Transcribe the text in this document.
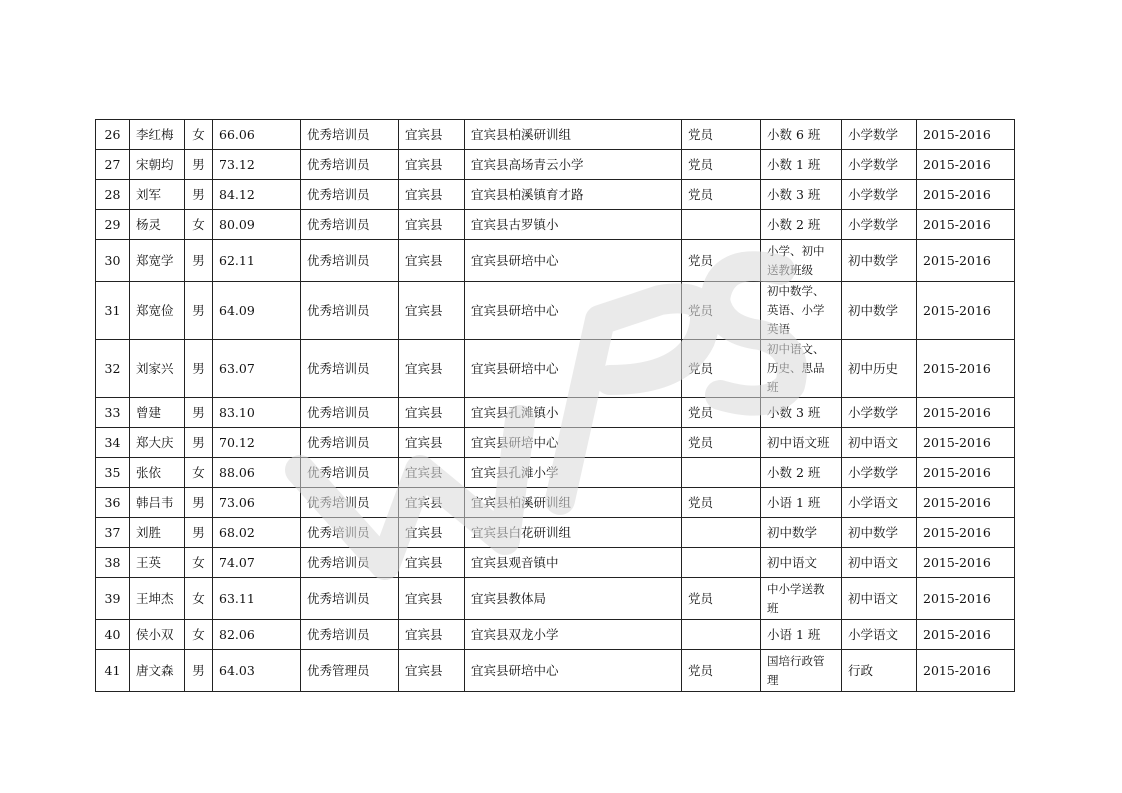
26	李红梅	女	66.06	优秀培训员	宜宾县	宜宾县柏溪研训组	党员	小数 6 班	小学数学	2015-2016
27	宋朝均	男	73.12	优秀培训员	宜宾县	宜宾县高场青云小学	党员	小数 1 班	小学数学	2015-2016
28	刘军	男	84.12	优秀培训员	宜宾县	宜宾县柏溪镇育才路	党员	小数 3 班	小学数学	2015-2016
29	杨灵	女	80.09	优秀培训员	宜宾县	宜宾县古罗镇小		小数 2 班	小学数学	2015-2016
30	郑宽学	男	62.11	优秀培训员	宜宾县	宜宾县研培中心	党员	小学、初中送教班级	初中数学	2015-2016
31	郑宽俭	男	64.09	优秀培训员	宜宾县	宜宾县研培中心	党员	初中数学、英语、小学英语	初中数学	2015-2016
32	刘家兴	男	63.07	优秀培训员	宜宾县	宜宾县研培中心	党员	初中语文、历史、思品班	初中历史	2015-2016
33	曾建	男	83.10	优秀培训员	宜宾县	宜宾县孔滩镇小	党员	小数 3 班	小学数学	2015-2016
34	郑大庆	男	70.12	优秀培训员	宜宾县	宜宾县研培中心	党员	初中语文班	初中语文	2015-2016
35	张依	女	88.06	优秀培训员	宜宾县	宜宾县孔滩小学		小数 2 班	小学数学	2015-2016
36	韩吕韦	男	73.06	优秀培训员	宜宾县	宜宾县柏溪研训组	党员	小语 1 班	小学语文	2015-2016
37	刘胜	男	68.02	优秀培训员	宜宾县	宜宾县白花研训组		初中数学	初中数学	2015-2016
38	王英	女	74.07	优秀培训员	宜宾县	宜宾县观音镇中		初中语文	初中语文	2015-2016
39	王坤杰	女	63.11	优秀培训员	宜宾县	宜宾县教体局	党员	中小学送教班	初中语文	2015-2016
40	侯小双	女	82.06	优秀培训员	宜宾县	宜宾县双龙小学		小语 1 班	小学语文	2015-2016
41	唐文森	男	64.03	优秀管理员	宜宾县	宜宾县研培中心	党员	国培行政管理	行政	2015-2016
